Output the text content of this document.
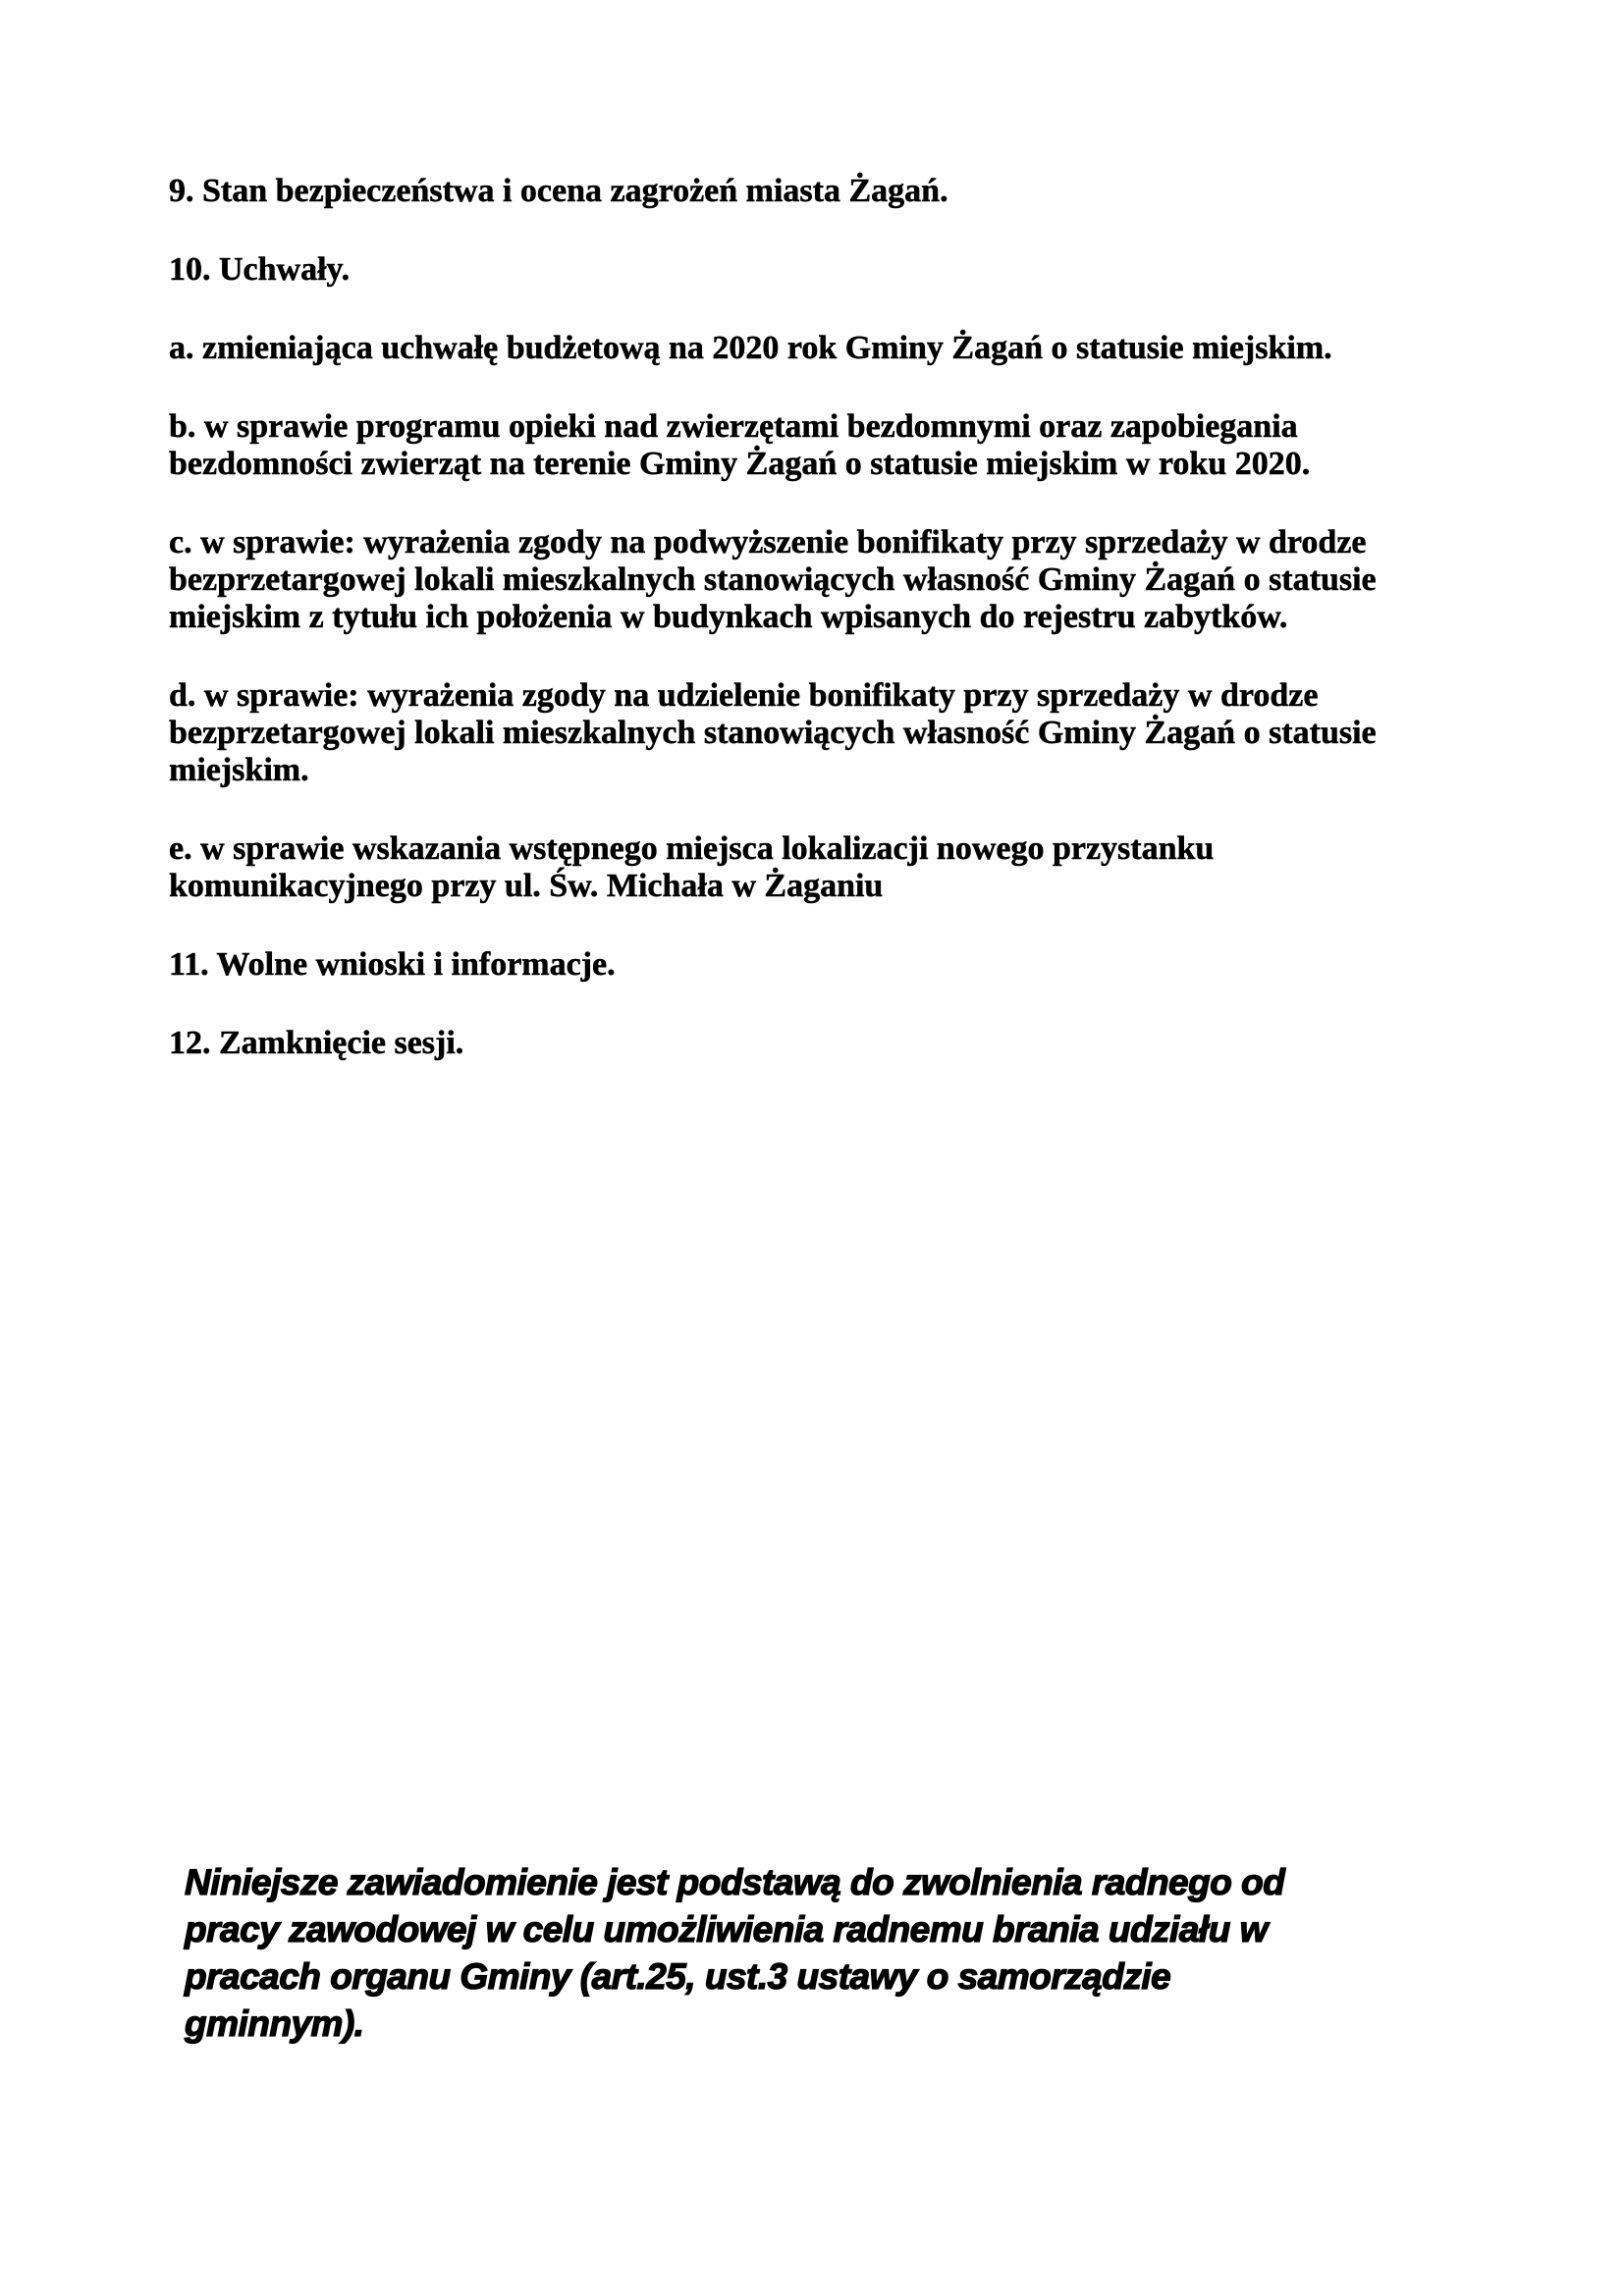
9. Stan bezpieczeństwa i ocena zagrożeń miasta Żagań.

10. Uchwały.

a. zmieniająca uchwałę budżetową na 2020 rok Gminy Żagań o statusie miejskim.

b. w sprawie programu opieki nad zwierzętami bezdomnymi oraz zapobiegania
bezdomności zwierząt na terenie Gminy Żagań o statusie miejskim w roku 2020.

c. w sprawie: wyrażenia zgody na podwyższenie bonifikaty przy sprzedaży w drodze
bezprzetargowej lokali mieszkalnych stanowiących własność Gminy Żagań o statusie
miejskim z tytułu ich położenia w budynkach wpisanych do rejestru zabytków.

d. w sprawie: wyrażenia zgody na udzielenie bonifikaty przy sprzedaży w drodze
bezprzetargowej lokali mieszkalnych stanowiących własność Gminy Żagań o statusie
miejskim.

e. w sprawie wskazania wstępnego miejsca lokalizacji nowego przystanku
komunikacyjnego przy ul. Św. Michała w Żaganiu

11. Wolne wnioski i informacje.

12. Zamknięcie sesji.

Niniejsze zawiadomienie jest podstawą do zwolnienia radnego od
pracy zawodowej w celu umożliwienia radnemu brania udziału w
pracach organu Gminy (art.25, ust.3 ustawy o samorządzie
gminnym).
